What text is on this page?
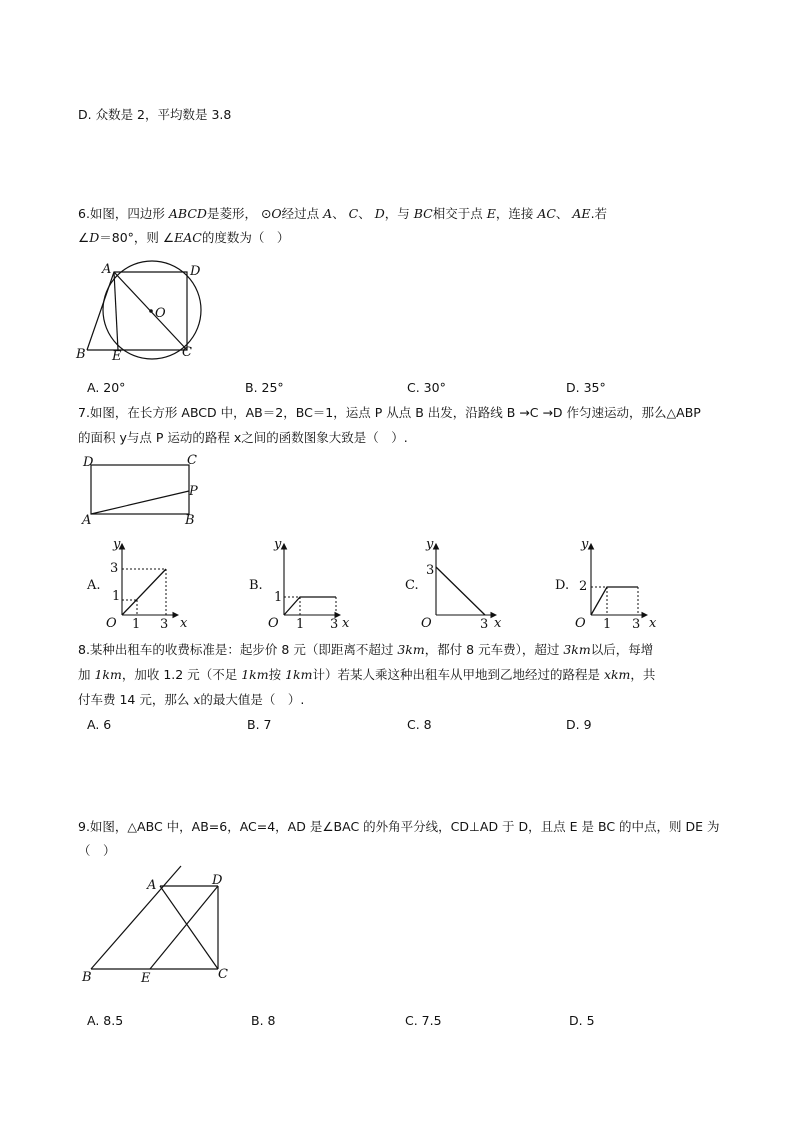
D. 众数是 2，平均数是 3.8
6.如图，四边形 ABCD是菱形， ⊙O经过点 A、 C、 D，与 BC相交于点 E，连接 AC、 AE.若
∠D＝80°，则 ∠EAC的度数为（　）
A	D
O
B E	C
A. 20°	B. 25°	C. 30°	D. 35°
7.如图，在长方形 ABCD 中，AB＝2，BC＝1，运点 P 从点 B 出发，沿路线 B →C →D 作匀速运动，那么△ABP
的面积 y与点 P 运动的路程 x之间的函数图象大致是（　）.
D	C
P
A	B
A.
y
x
O
3
1
1 3
B.
y
x
O
1
1 3
C.
y
x
O
3
3
D.
y
x
O
2
1 3
8.某种出租车的收费标准是：起步价 8 元（即距离不超过 3km，都付 8 元车费），超过 3km以后，每增
加 1km，加收 1.2 元（不足 1km按 1km计）若某人乘这种出租车从甲地到乙地经过的路程是 xkm，共
付车费 14 元，那么 x的最大值是（　）.
A. 6	B. 7	C. 8	D. 9
9.如图，△ABC 中，AB=6，AC=4，AD 是∠BAC 的外角平分线，CD⊥AD 于 D，且点 E 是 BC 的中点，则 DE 为
（　）
A	D
B	E	C
A. 8.5	B. 8	C. 7.5	D. 5
